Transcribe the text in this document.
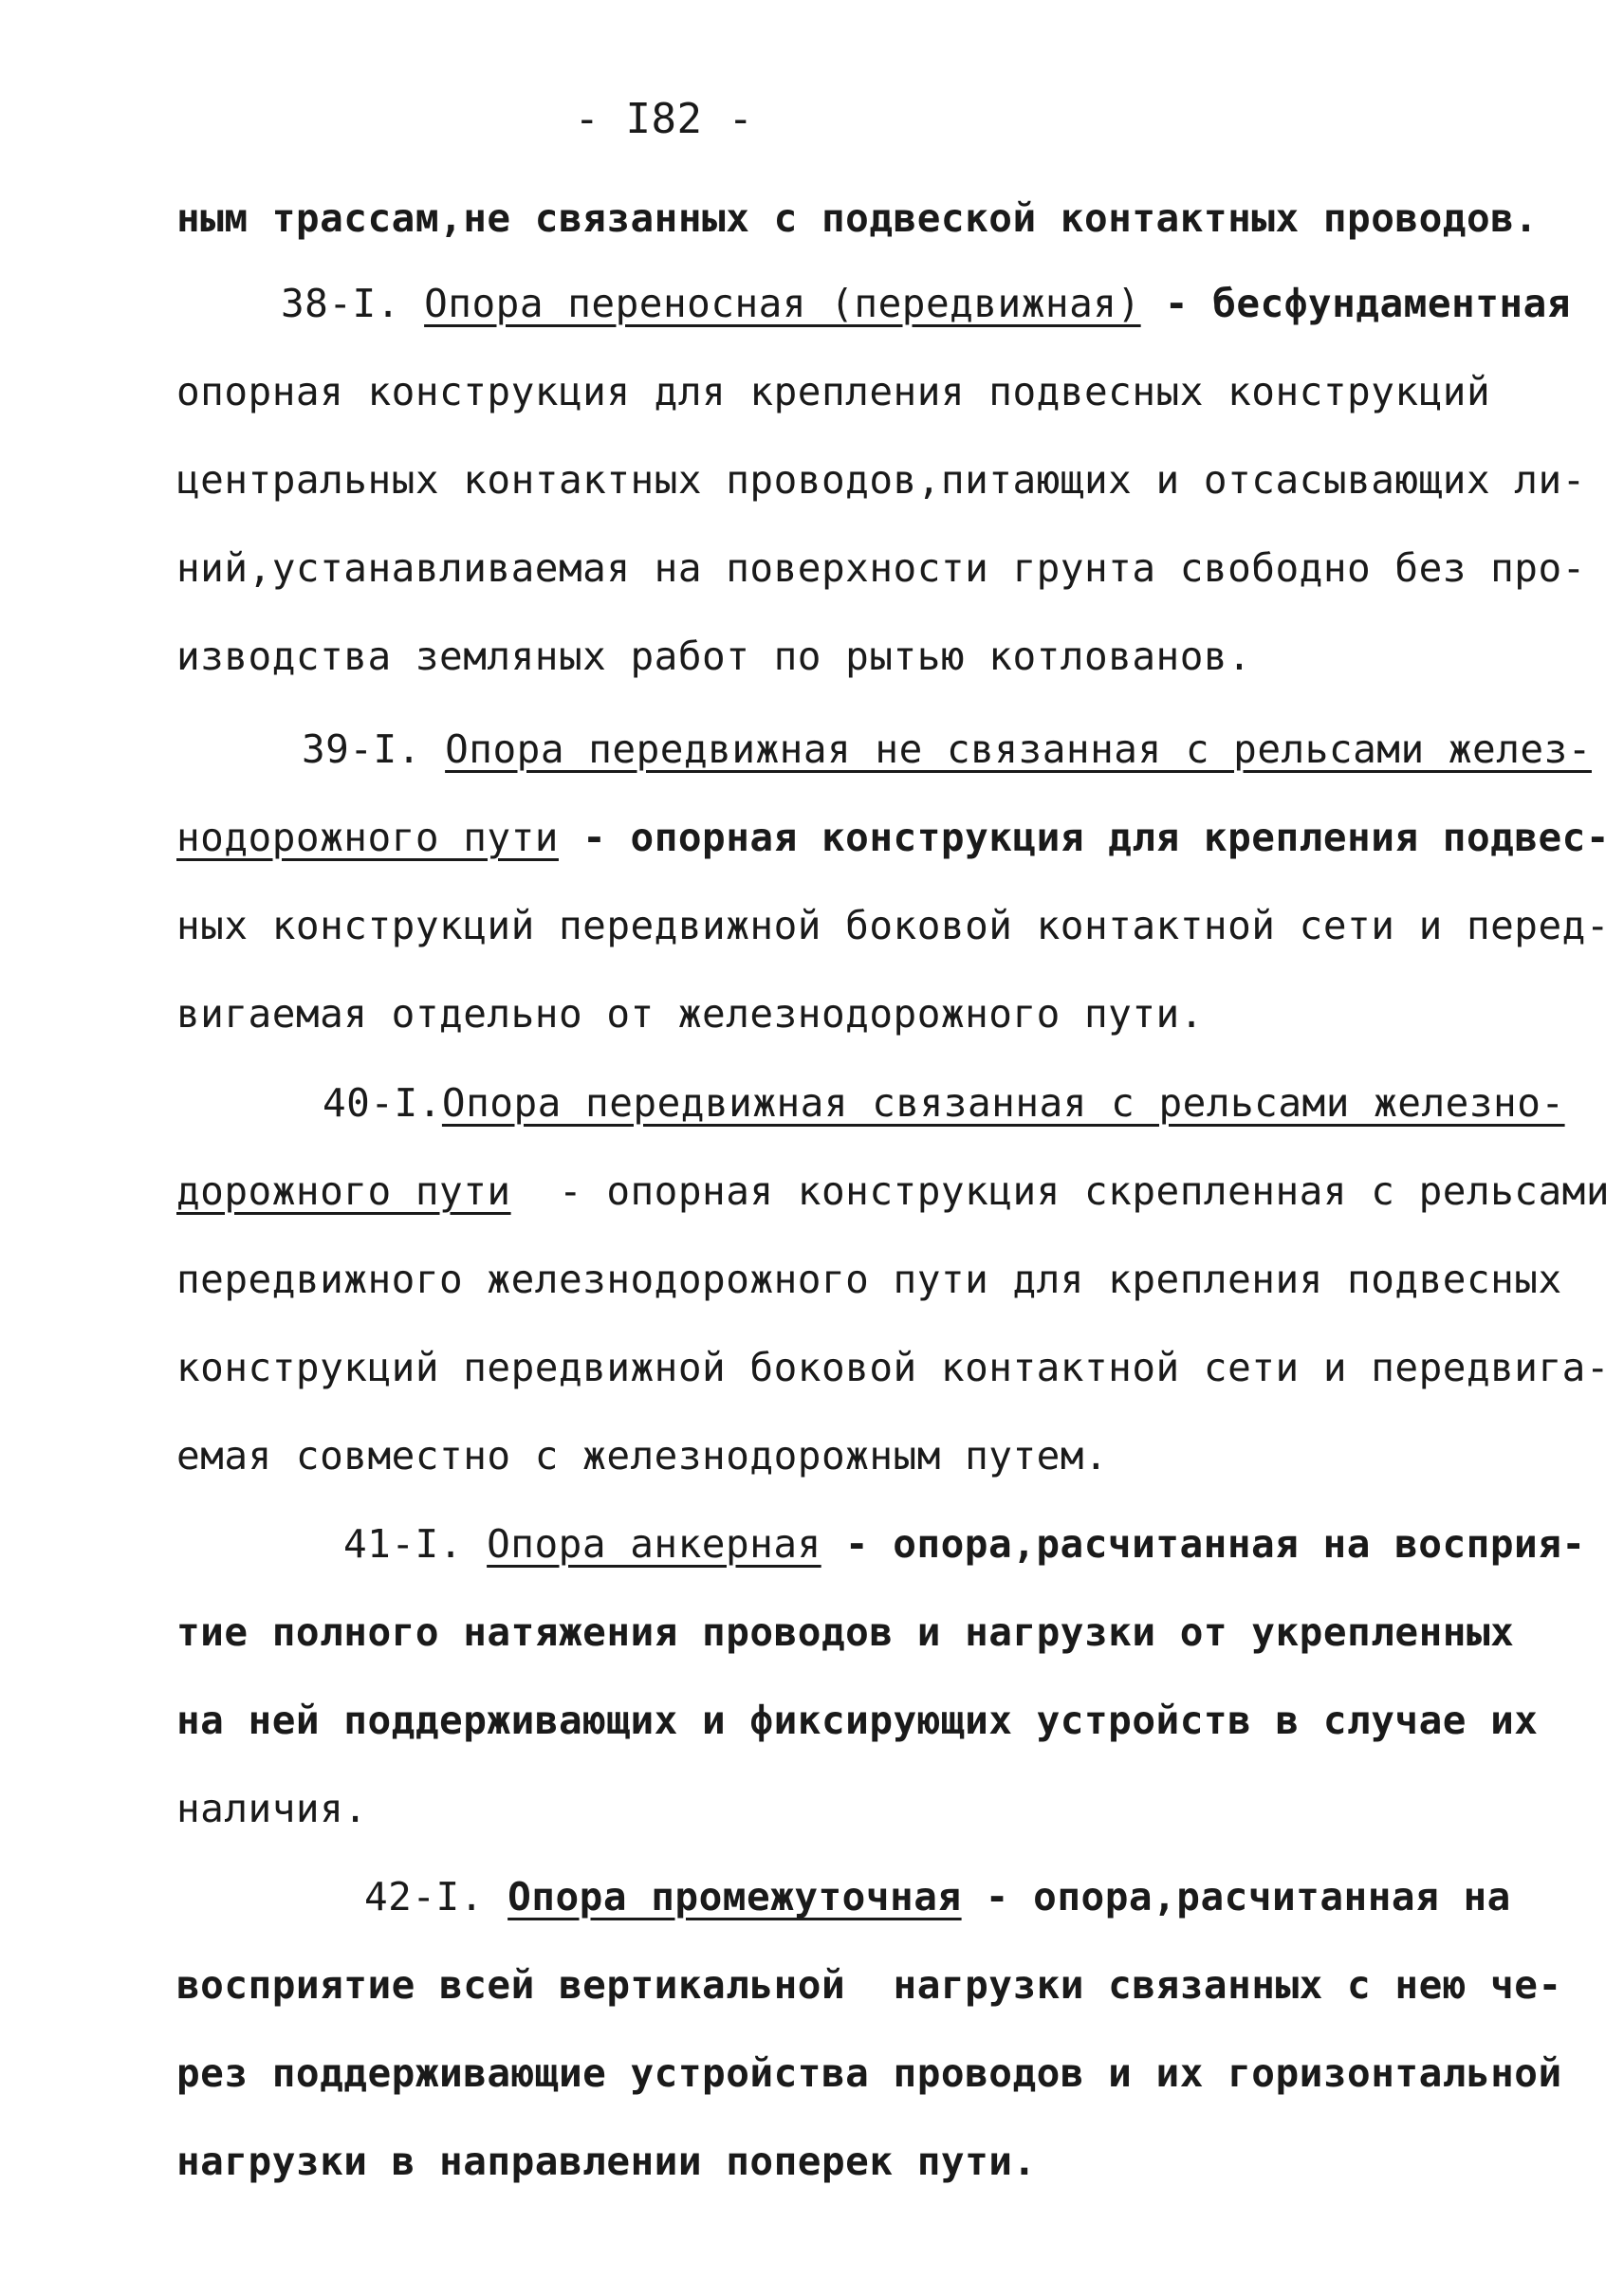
- I82 -
ным трассам,не связанных с подвеской контактных проводов.
38-I. Опора переносная (передвижная) - бесфундаментная
опорная конструкция для крепления подвесных конструкций
центральных контактных проводов,питающих и отсасывающих ли-
ний,устанавливаемая на поверхности грунта свободно без про-
изводства земляных работ по рытью котлованов.
39-I. Опора передвижная не связанная с рельсами желез-
нодорожного пути - опорная конструкция для крепления подвес-
ных конструкций передвижной боковой контактной сети и перед-
вигаемая отдельно от железнодорожного пути.
40-I.Опора передвижная связанная с рельсами железно-
дорожного пути  - опорная конструкция скрепленная с рельсами
передвижного железнодорожного пути для крепления подвесных
конструкций передвижной боковой контактной сети и передвига-
емая совместно с железнодорожным путем.
41-I. Опора анкерная - опора,расчитанная на восприя-
тие полного натяжения проводов и нагрузки от укрепленных
на ней поддерживающих и фиксирующих устройств в случае их
наличия.
42-I. Опора промежуточная - опора,расчитанная на
восприятие всей вертикальной  нагрузки связанных с нею че-
рез поддерживающие устройства проводов и их горизонтальной
нагрузки в направлении поперек пути.
